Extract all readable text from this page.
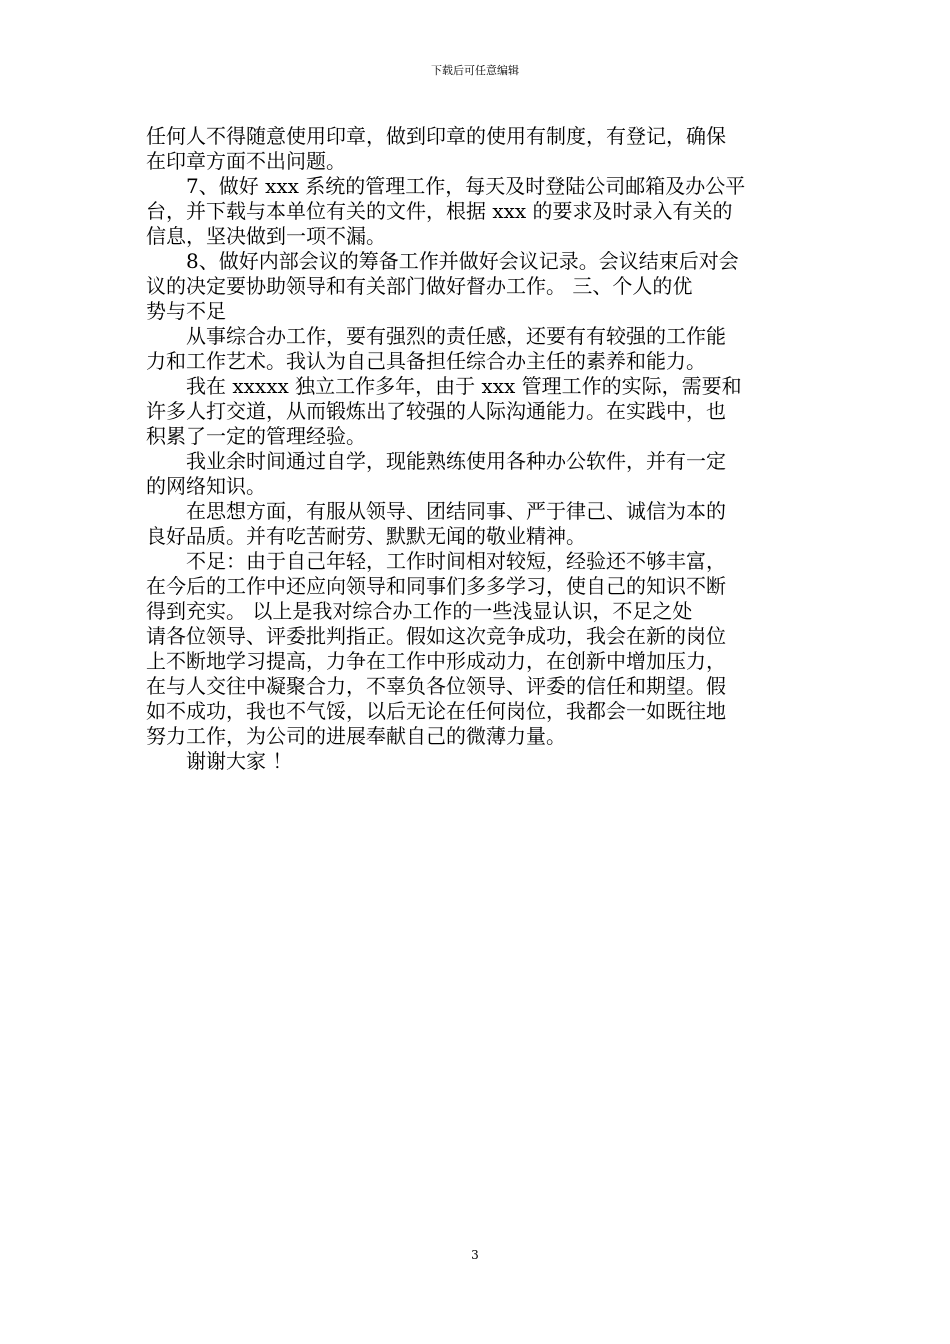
下载后可任意编辑
任何人不得随意使用印章，做到印章的使用有制度，有登记，确保
在印章方面不出问题。
7、做好 xxx 系统的管理工作，每天及时登陆公司邮箱及办公平
台，并下载与本单位有关的文件，根据 xxx 的要求及时录入有关的
信息，坚决做到一项不漏。
8、做好内部会议的筹备工作并做好会议记录。会议结束后对会
议的决定要协助领导和有关部门做好督办工作。 三、个人的优
势与不足
从事综合办工作，要有强烈的责任感，还要有有较强的工作能
力和工作艺术。我认为自己具备担任综合办主任的素养和能力。
我在 xxxxx 独立工作多年，由于 xxx 管理工作的实际，需要和
许多人打交道，从而锻炼出了较强的人际沟通能力。在实践中，也
积累了一定的管理经验。
我业余时间通过自学，现能熟练使用各种办公软件，并有一定
的网络知识。
在思想方面，有服从领导、团结同事、严于律己、诚信为本的
良好品质。并有吃苦耐劳、默默无闻的敬业精神。
不足：由于自己年轻，工作时间相对较短，经验还不够丰富，
在今后的工作中还应向领导和同事们多多学习，使自己的知识不断
得到充实。 以上是我对综合办工作的一些浅显认识，不足之处
请各位领导、评委批判指正。假如这次竞争成功，我会在新的岗位
上不断地学习提高，力争在工作中形成动力，在创新中增加压力，
在与人交往中凝聚合力，不辜负各位领导、评委的信任和期望。假
如不成功，我也不气馁，以后无论在任何岗位，我都会一如既往地
努力工作，为公司的进展奉献自己的微薄力量。
谢谢大家 ！
3
